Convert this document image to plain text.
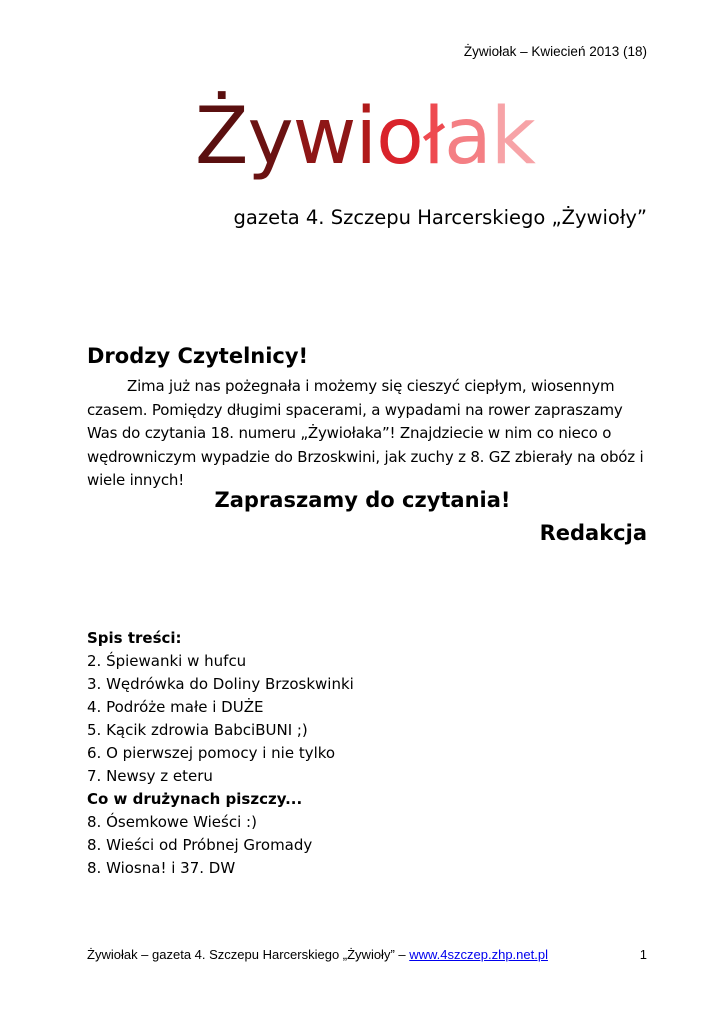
Żywiołak – Kwiecień 2013 (18)
Żywiołak
gazeta 4. Szczepu Harcerskiego „Żywioły”
Drodzy Czytelnicy!

Zima już nas pożegnała i możemy się cieszyć ciepłym, wiosennym czasem. Pomiędzy długimi spacerami, a wypadami na rower zapraszamy Was do czytania 18. numeru „Żywiołaka”! Znajdziecie w nim co nieco o wędrowniczym wypadzie do Brzoskwini, jak zuchy z 8. GZ zbierały na obóz i wiele innych!

Zapraszamy do czytania!
Redakcja
Spis treści:
2. Śpiewanki w hufcu
3. Wędrówka do Doliny Brzoskwinki
4. Podróże małe i DUŻE
5. Kącik zdrowia BabciBUNI ;)
6. O pierwszej pomocy i nie tylko
7. Newsy z eteru
Co w drużynach piszczy...
8. Ósemkowe Wieści :)
8. Wieści od Próbnej Gromady
8. Wiosna! i 37. DW
Żywiołak – gazeta 4. Szczepu Harcerskiego „Żywioły” – www.4szczep.zhp.net.pl	1
